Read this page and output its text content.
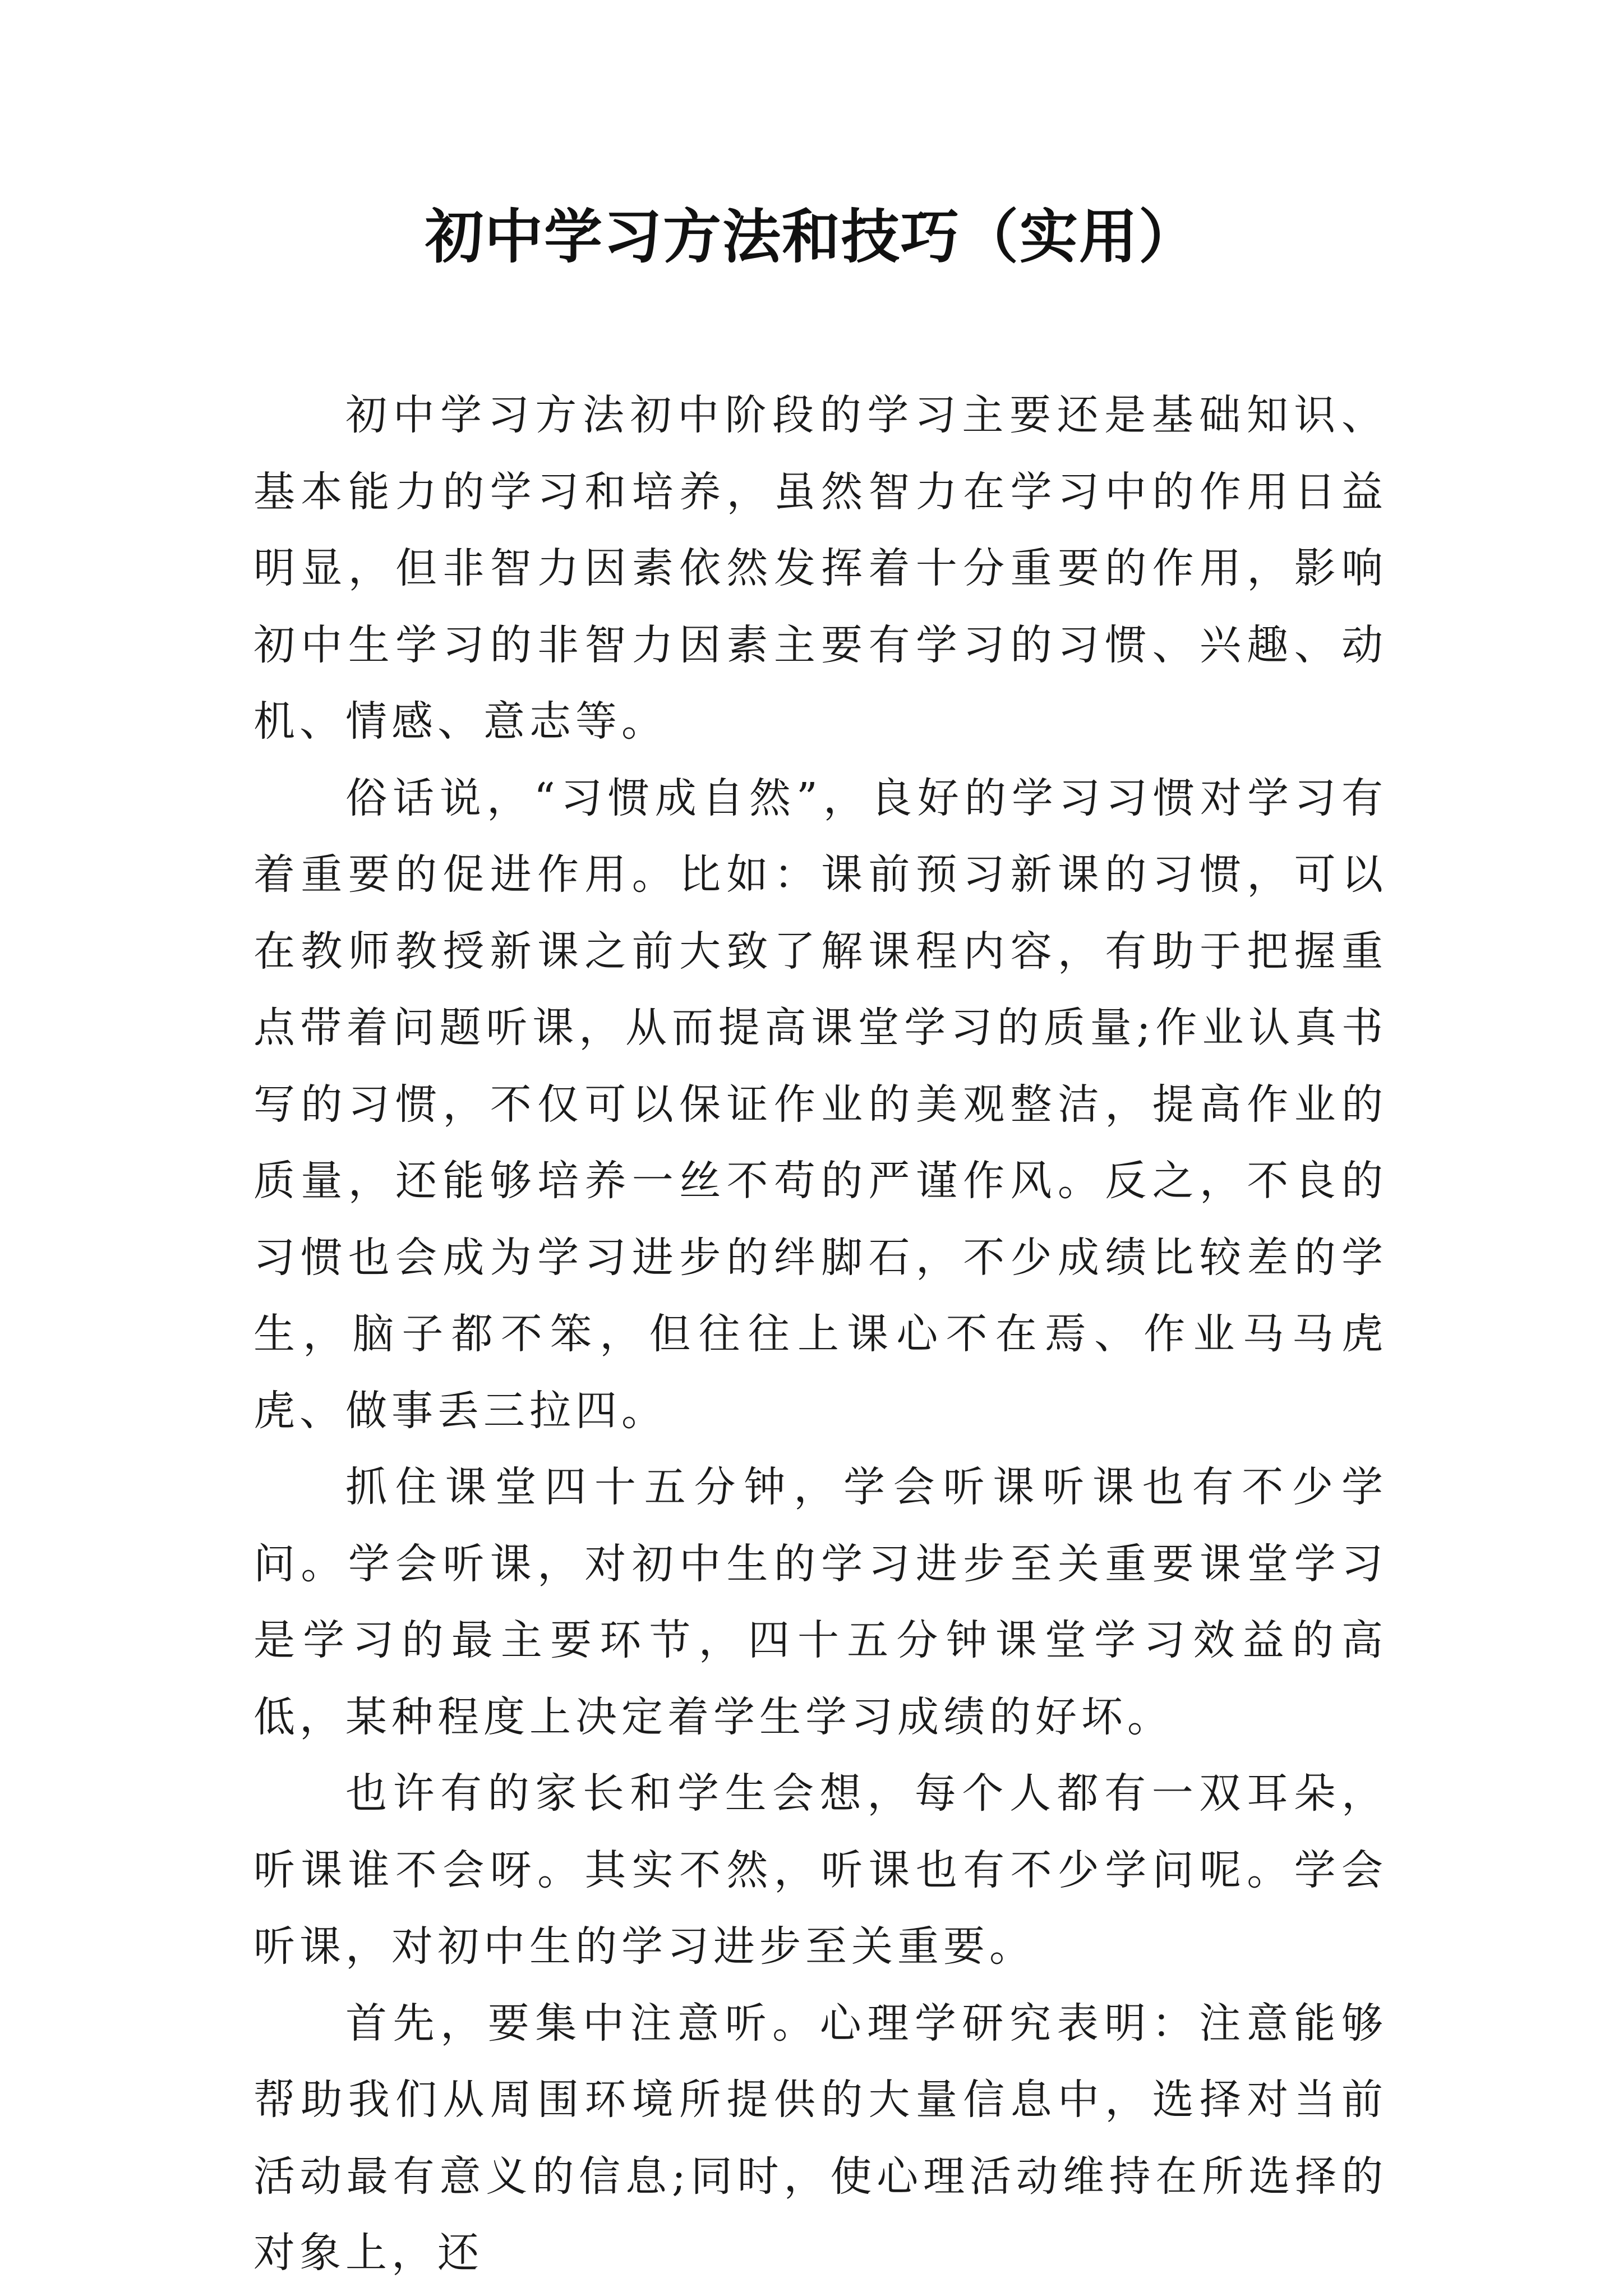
初中学习方法和技巧（实用）

初中学习方法初中阶段的学习主要还是基础知识、基本能力的学习和培养，虽然智力在学习中的作用日益明显，但非智力因素依然发挥着十分重要的作用，影响初中生学习的非智力因素主要有学习的习惯、兴趣、动机、情感、意志等。

俗话说，“习惯成自然”，良好的学习习惯对学习有着重要的促进作用。比如：课前预习新课的习惯，可以在教师教授新课之前大致了解课程内容，有助于把握重点带着问题听课，从而提高课堂学习的质量;作业认真书写的习惯，不仅可以保证作业的美观整洁，提高作业的质量，还能够培养一丝不苟的严谨作风。反之，不良的习惯也会成为学习进步的绊脚石，不少成绩比较差的学生，脑子都不笨，但往往上课心不在焉、作业马马虎虎、做事丢三拉四。

抓住课堂四十五分钟，学会听课听课也有不少学问。学会听课，对初中生的学习进步至关重要课堂学习是学习的最主要环节，四十五分钟课堂学习效益的高低，某种程度上决定着学生学习成绩的好坏。

也许有的家长和学生会想，每个人都有一双耳朵，听课谁不会呀。其实不然，听课也有不少学问呢。学会听课，对初中生的学习进步至关重要。

首先，要集中注意听。心理学研究表明：注意能够帮助我们从周围环境所提供的大量信息中，选择对当前活动最有意义的信息;同时，使心理活动维持在所选择的对象上，还
